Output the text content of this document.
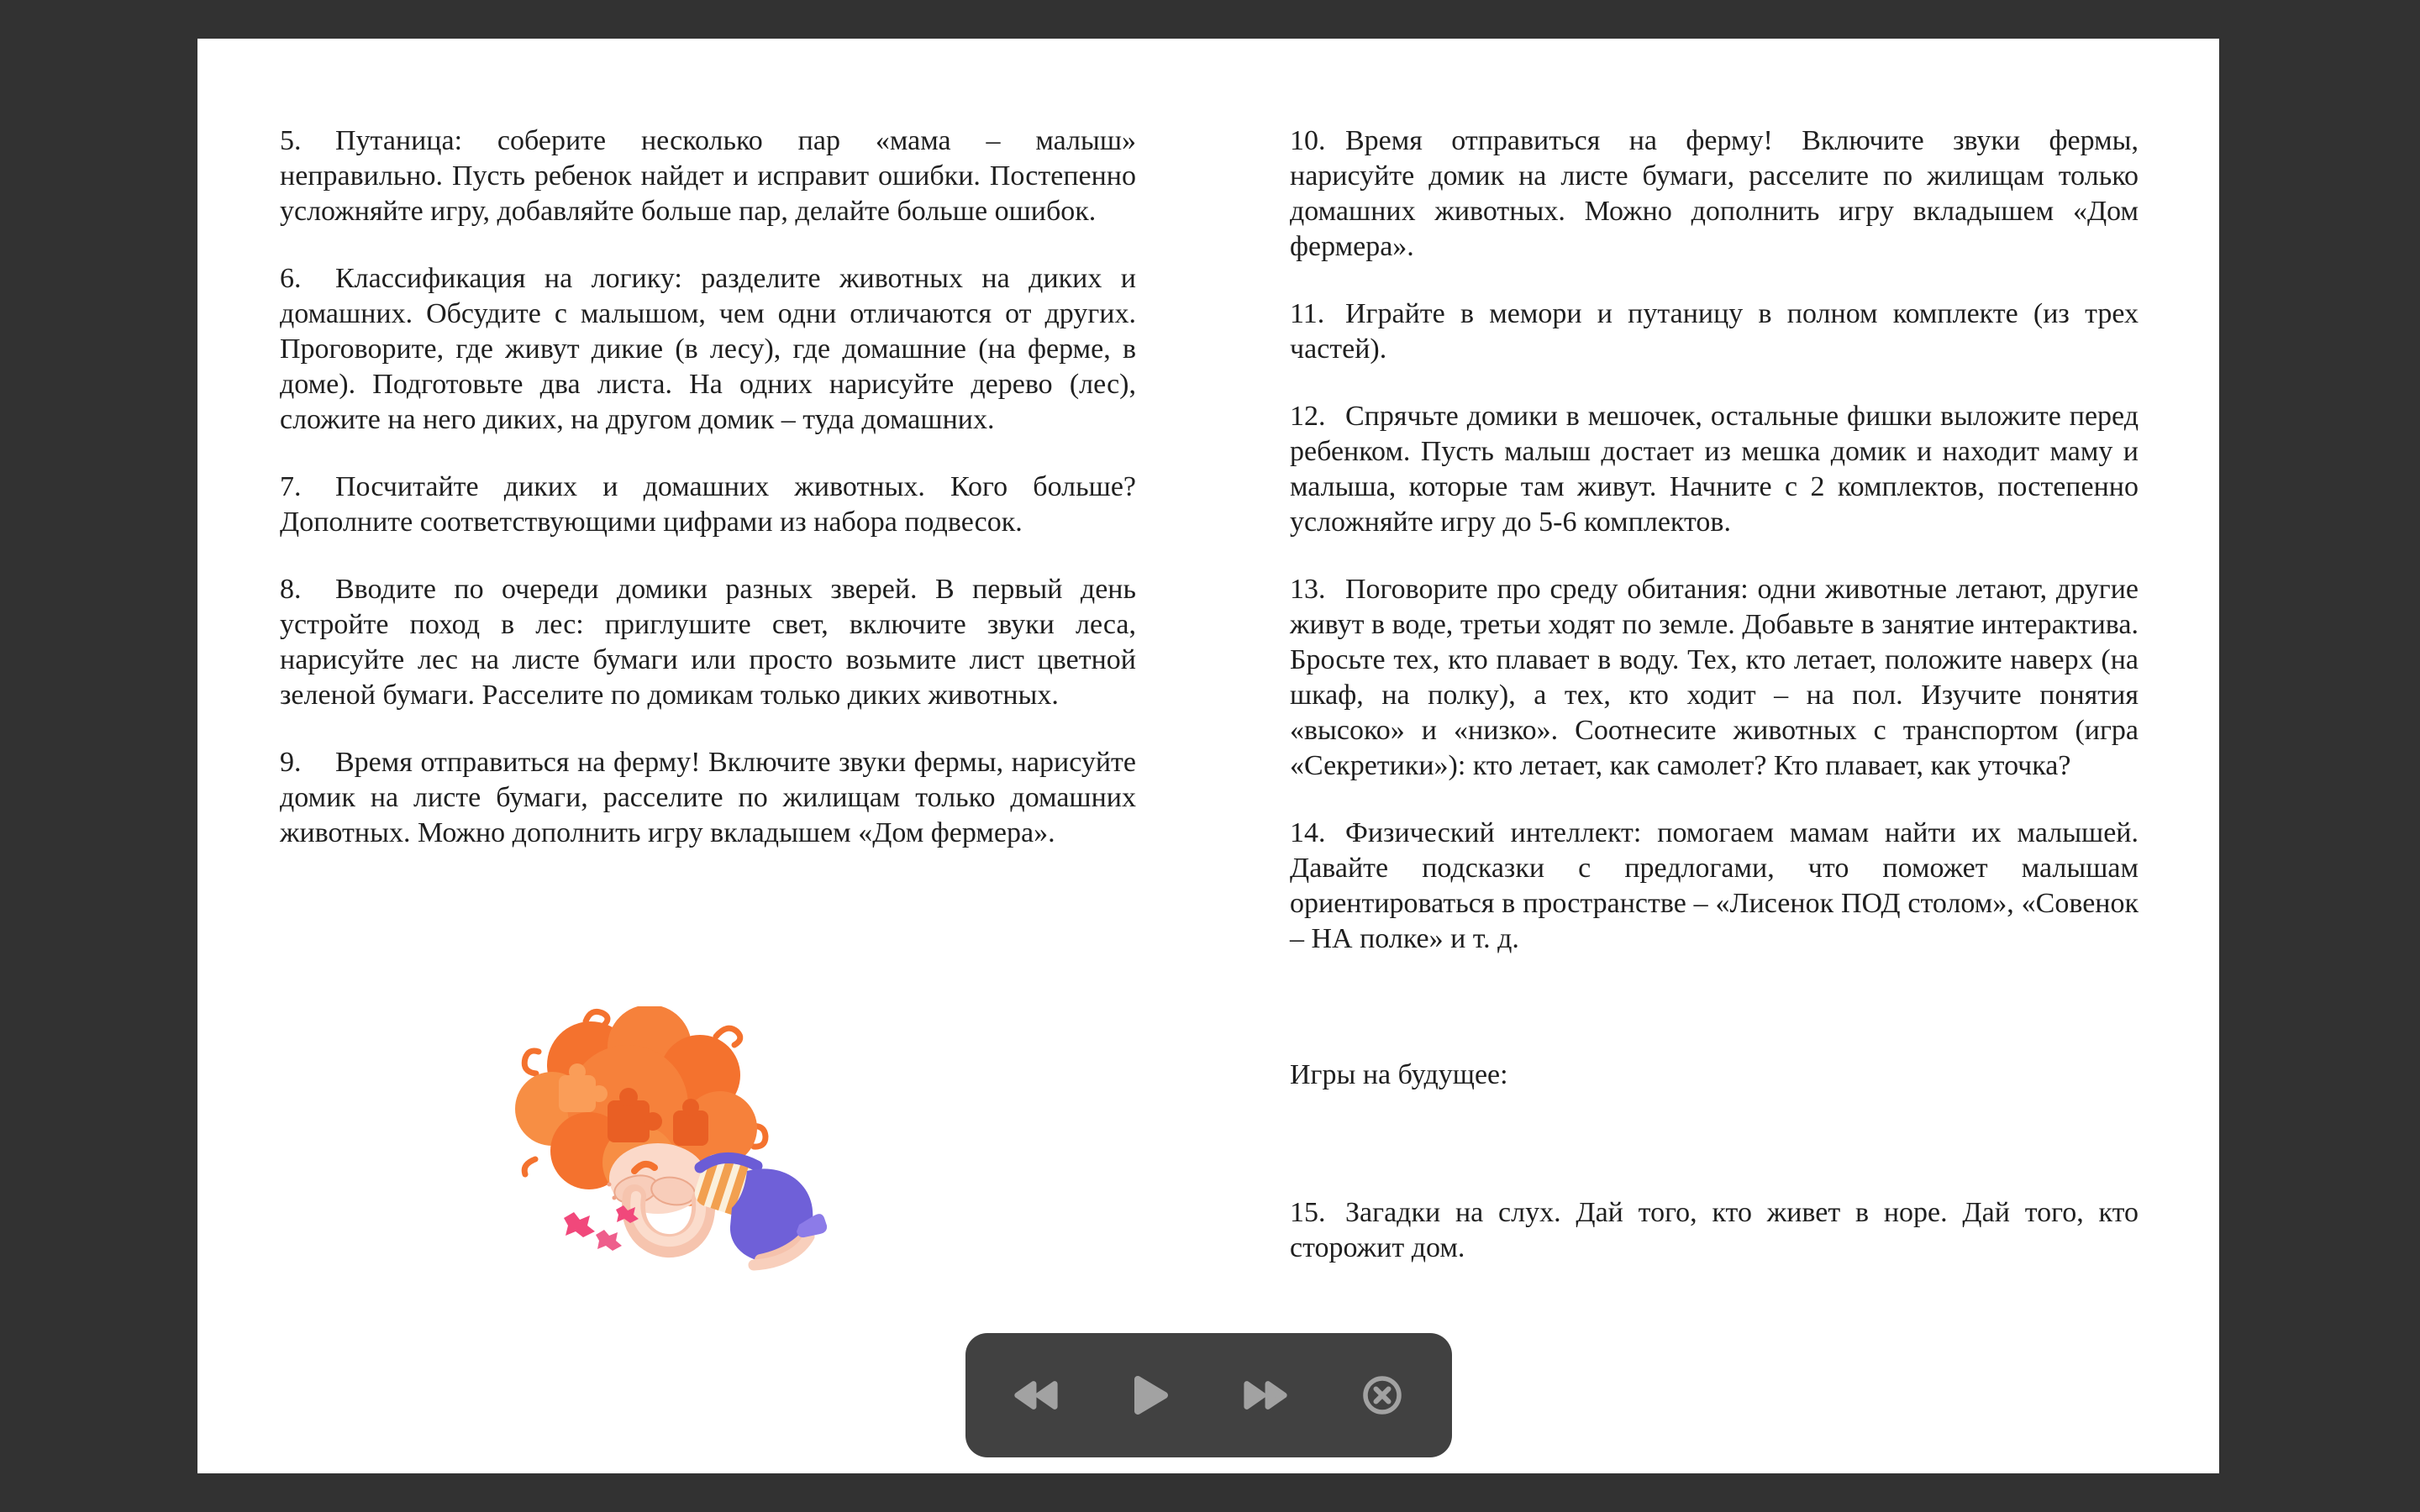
5. Путаница: соберите несколько пар «мама – малыш» неправильно. Пусть ребенок найдет и исправит ошибки. Постепенно усложняйте игру, добавляйте больше пар, делайте больше ошибок.

6. Классификация на логику: разделите животных на диких и домашних. Обсудите с малышом, чем одни отличаются от других. Проговорите, где живут дикие (в лесу), где домашние (на ферме, в доме). Подготовьте два листа. На одних нарисуйте дерево (лес), сложите на него диких, на другом домик – туда домашних.

7. Посчитайте диких и домашних животных. Кого больше? Дополните соответствующими цифрами из набора подвесок.

8. Вводите по очереди домики разных зверей. В первый день устройте поход в лес: приглушите свет, включите звуки леса, нарисуйте лес на листе бумаги или просто возьмите лист цветной зеленой бумаги. Расселите по домикам только диких животных.

9. Время отправиться на ферму! Включите звуки фермы, нарисуйте домик на листе бумаги, расселите по жилищам только домашних животных. Можно дополнить игру вкладышем «Дом фермера».

10. Время отправиться на ферму! Включите звуки фермы, нарисуйте домик на листе бумаги, расселите по жилищам только домашних животных. Можно дополнить игру вкладышем «Дом фермера».

11. Играйте в мемори и путаницу в полном комплекте (из трех частей).

12. Спрячьте домики в мешочек, остальные фишки выложите перед ребенком. Пусть малыш достает из мешка домик и находит маму и малыша, которые там живут. Начните с 2 комплектов, постепенно усложняйте игру до 5-6 комплектов.

13. Поговорите про среду обитания: одни животные летают, другие живут в воде, третьи ходят по земле. Добавьте в занятие интерактива. Бросьте тех, кто плавает в воду. Тех, кто летает, положите наверх (на шкаф, на полку), а тех, кто ходит – на пол. Изучите понятия «высоко» и «низко». Соотнесите животных с транспортом (игра «Секретики»): кто летает, как самолет? Кто плавает, как уточка?

14. Физический интеллект: помогаем мамам найти их малышей. Давайте подсказки с предлогами, что поможет малышам ориентироваться в пространстве – «Лисенок ПОД столом», «Совенок – НА полке» и т. д.

Игры на будущее:

15. Загадки на слух. Дай того, кто живет в норе. Дай того, кто сторожит дом.
